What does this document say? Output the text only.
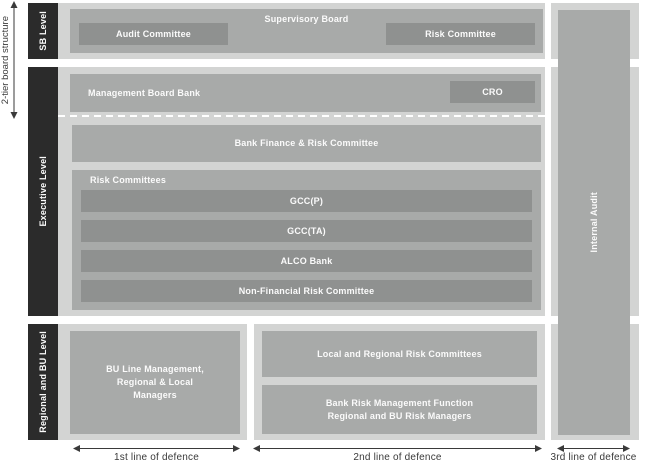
2-tier board structure	SB Level	Supervisory Board
Audit Committee	Risk Committee
Executive Level
Management Board Bank	CRO
Bank Finance & Risk Committee
Risk Committees
GCC(P)
GCC(TA)
ALCO Bank
Non-Financial Risk Committee
Regional and BU Level	BU Line Management,
Regional & Local
Managers
Local and Regional Risk Committees
Bank Risk Management Function
Regional and BU Risk Managers
Internal Audit
1st line of defence	2nd line of defence	3rd line of defence
